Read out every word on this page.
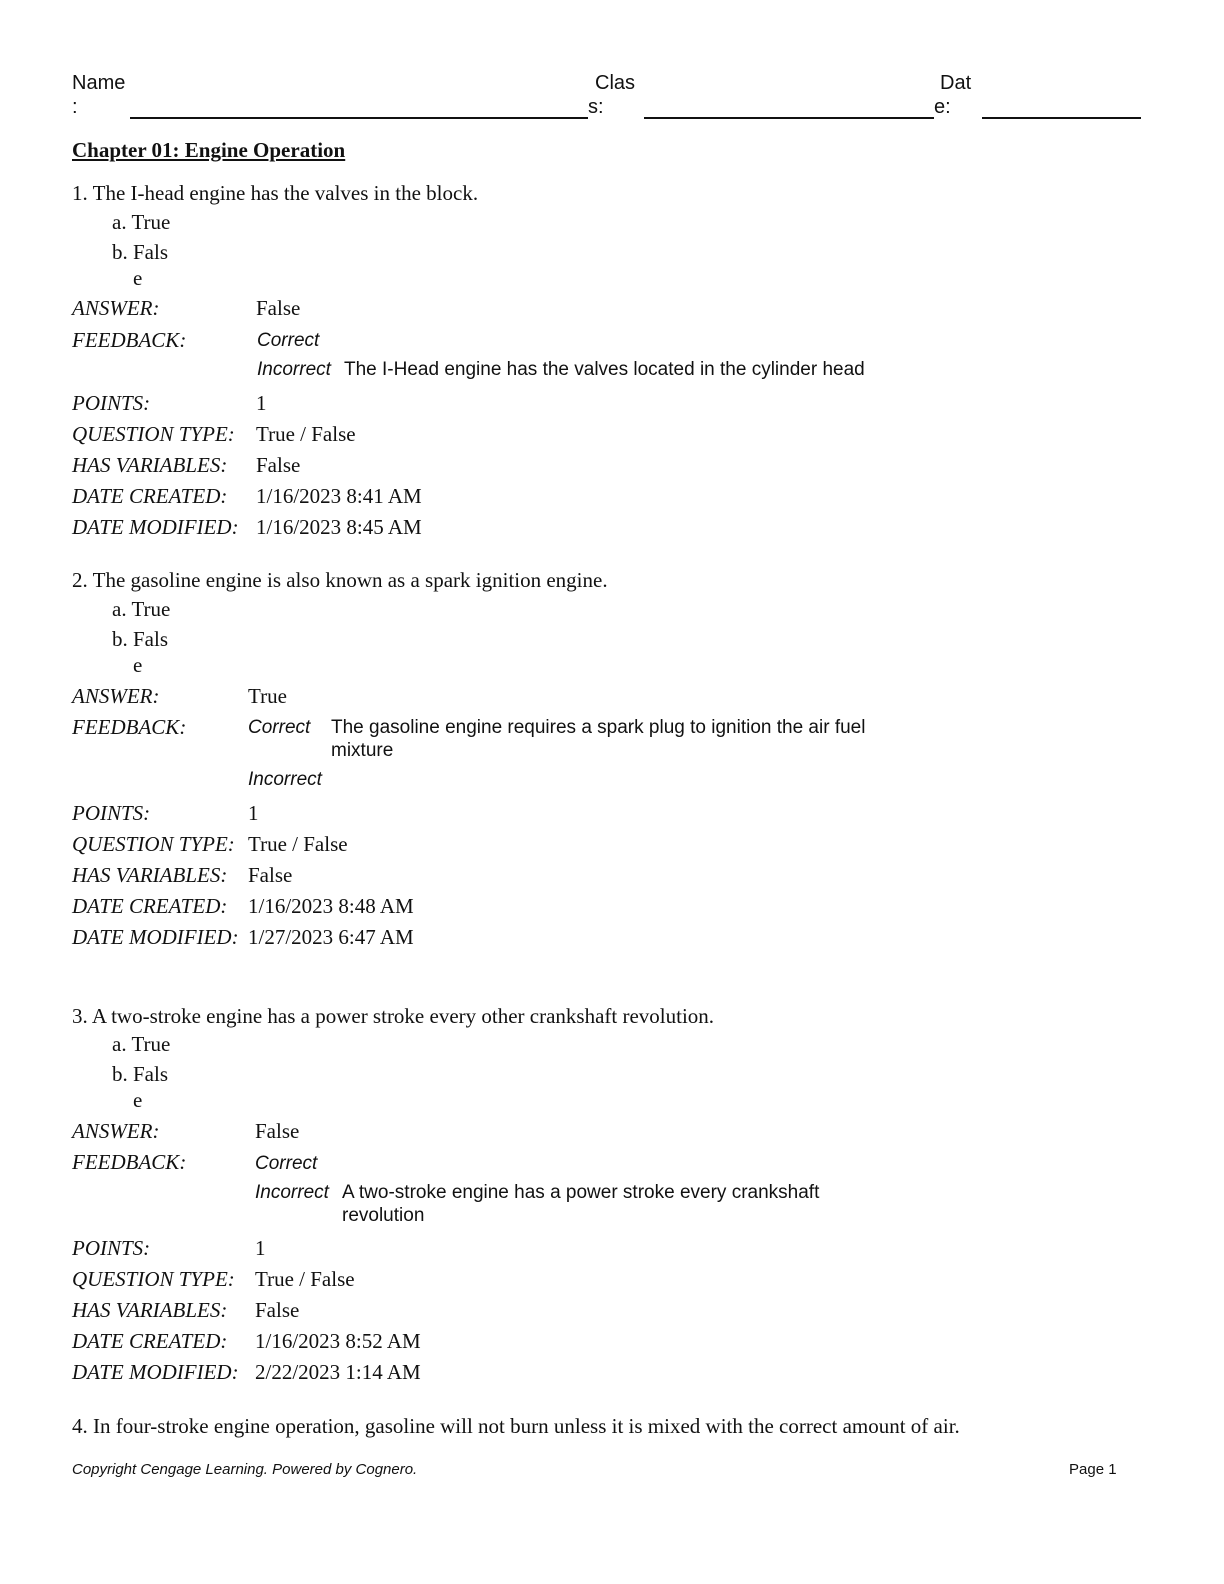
Name
:
Clas
s:
Dat
e:
Chapter 01: Engine Operation
1. The I-head engine has the valves in the block.
a. True
b. Fals
e
ANSWER:	False
FEEDBACK:	Correct
Incorrect The I-Head engine has the valves located in the cylinder head
POINTS:	1
QUESTION TYPE: True / False
HAS VARIABLES: False
DATE CREATED: 1/16/2023 8:41 AM
DATE MODIFIED: 1/16/2023 8:45 AM
2. The gasoline engine is also known as a spark ignition engine.
a. True
b. Fals
e
ANSWER:	True
FEEDBACK:	Correct The gasoline engine requires a spark plug to ignition the air fuel
mixture
Incorrect
POINTS:	1
QUESTION TYPE: True / False
HAS VARIABLES: False
DATE CREATED: 1/16/2023 8:48 AM
DATE MODIFIED: 1/27/2023 6:47 AM
3. A two-stroke engine has a power stroke every other crankshaft revolution.
a. True
b. Fals
e
ANSWER:	False
FEEDBACK:	Correct
Incorrect A two-stroke engine has a power stroke every crankshaft
revolution
POINTS:	1
QUESTION TYPE: True / False
HAS VARIABLES: False
DATE CREATED: 1/16/2023 8:52 AM
DATE MODIFIED: 2/22/2023 1:14 AM
4. In four-stroke engine operation, gasoline will not burn unless it is mixed with the correct amount of air.
Copyright Cengage Learning. Powered by Cognero.	Page 1
